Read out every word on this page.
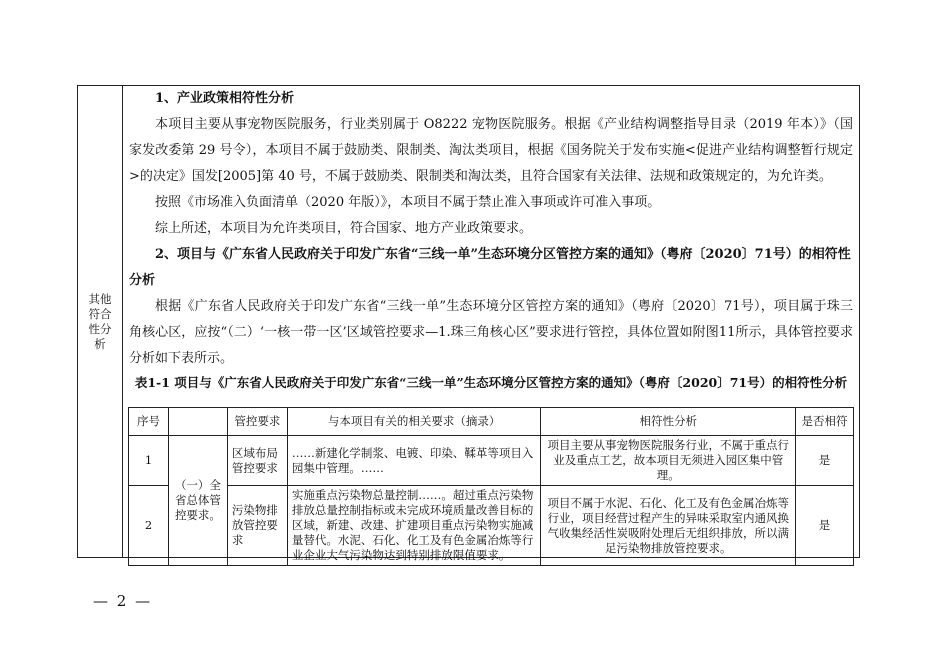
其他符合性分析

1、产业政策相符性分析

本项目主要从事宠物医院服务，行业类别属于 O8222 宠物医院服务。根据《产业结构调整指导目录（2019 年本）》（国家发改委第 29 号令），本项目不属于鼓励类、限制类、淘汰类项目，根据《国务院关于发布实施<促进产业结构调整暂行规定>的决定》国发[2005]第 40 号，不属于鼓励类、限制类和淘汰类，且符合国家有关法律、法规和政策规定的，为允许类。

按照《市场准入负面清单（2020 年版）》，本项目不属于禁止准入事项或许可准入事项。

综上所述，本项目为允许类项目，符合国家、地方产业政策要求。

2、项目与《广东省人民政府关于印发广东省“三线一单”生态环境分区管控方案的通知》（粤府〔2020〕71号）的相符性分析

根据《广东省人民政府关于印发广东省“三线一单”生态环境分区管控方案的通知》（粤府〔2020〕71号），项目属于珠三角核心区，应按“（二）‘一核一带一区’区域管控要求—1.珠三角核心区”要求进行管控，具体位置如附图11所示，具体管控要求分析如下表所示。

表1-1 项目与《广东省人民政府关于印发广东省“三线一单”生态环境分区管控方案的通知》（粤府〔2020〕71号）的相符性分析
序号		管控要求	与本项目有关的相关要求（摘录）	相符性分析	是否相符
1	（一）全省总体管控要求。	区域布局管控要求	……新建化学制浆、电镀、印染、鞣革等项目入园集中管理。……	项目主要从事宠物医院服务行业，不属于重点行业及重点工艺，故本项目无须进入园区集中管理。	是
2		污染物排放管控要求	实施重点污染物总量控制……。超过重点污染物排放总量控制指标或未完成环境质量改善目标的区域，新建、改建、扩建项目重点污染物实施减量替代。水泥、石化、化工及有色金属冶炼等行业企业大气污染物达到特别排放限值要求。	项目不属于水泥、石化、化工及有色金属冶炼等行业，项目经营过程产生的异味采取室内通风换气收集经活性炭吸附处理后无组织排放，所以满足污染物排放管控要求。	是
— 2 —
